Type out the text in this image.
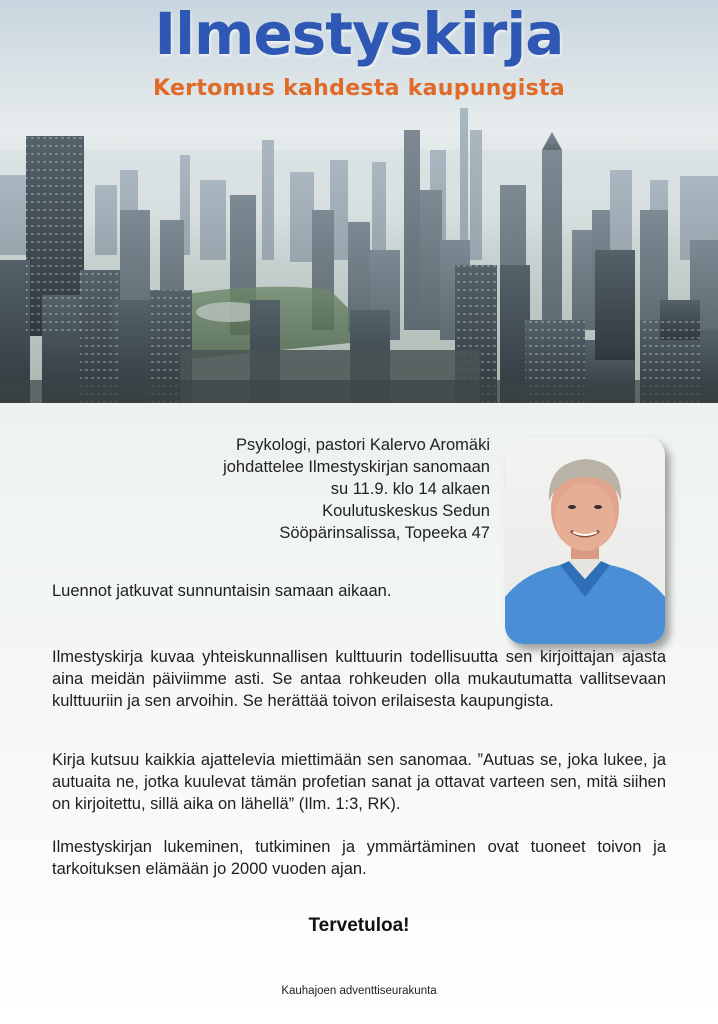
Ilmestyskirja
Kertomus kahdesta kaupungista
Psykologi, pastori Kalervo Aromäki
johdattelee Ilmestyskirjan sanomaan
su 11.9. klo 14 alkaen
Koulutuskeskus Sedun
Sööpärinsalissa, Topeeka 47
Luennot jatkuvat sunnuntaisin samaan aikaan.
Ilmestyskirja kuvaa yhteiskunnallisen kulttuurin todellisuutta sen kirjoittajan ajasta aina meidän päiviimme asti. Se antaa rohkeuden olla mukautumatta vallitsevaan kulttuuriin ja sen arvoihin. Se herättää toivon erilaisesta kaupungista.
Kirja kutsuu kaikkia ajattelevia miettimään sen sanomaa. ”Autuas se, joka lukee, ja autuaita ne, jotka kuulevat tämän profetian sanat ja ottavat varteen sen, mitä siihen on kirjoitettu, sillä aika on lähellä” (Ilm. 1:3, RK).
Ilmestyskirjan lukeminen, tutkiminen ja ymmärtäminen ovat tuoneet toivon ja tarkoituksen elämään jo 2000 vuoden ajan.
Tervetuloa!
Kauhajoen adventtiseurakunta
